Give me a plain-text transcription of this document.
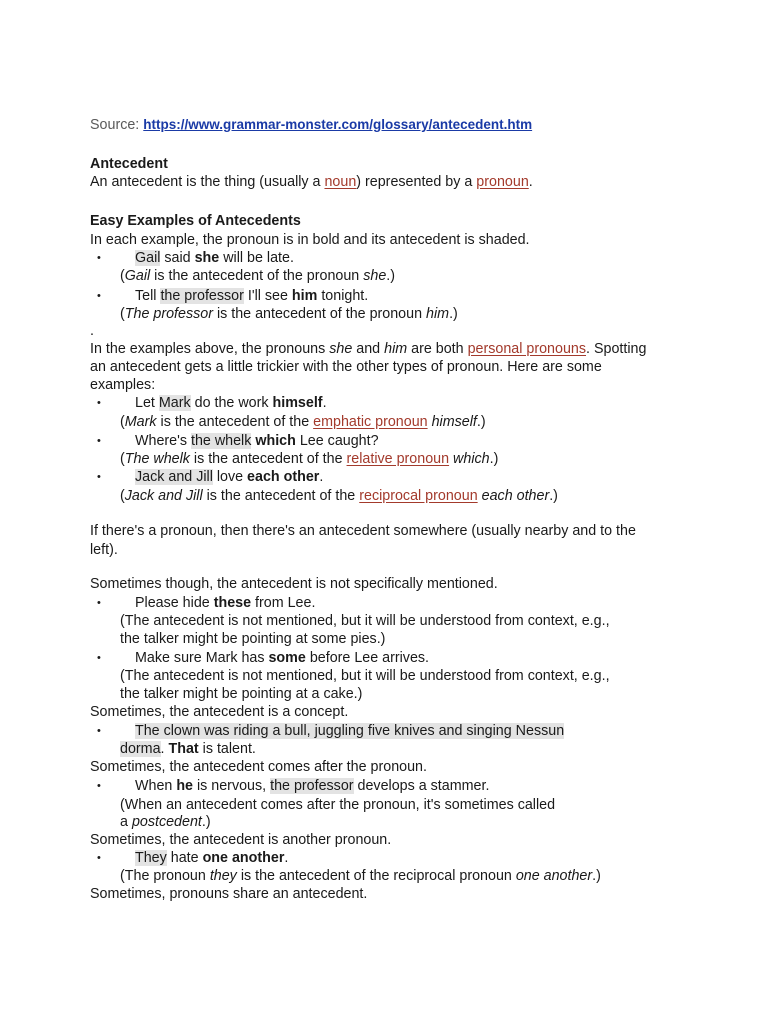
Source: https://www.grammar-monster.com/glossary/antecedent.htm
Antecedent
An antecedent is the thing (usually a noun) represented by a pronoun.
Easy Examples of Antecedents
In each example, the pronoun is in bold and its antecedent is shaded.
• Gail said she will be late.
(Gail is the antecedent of the pronoun she.)
• Tell the professor I'll see him tonight.
(The professor is the antecedent of the pronoun him.)
.
In the examples above, the pronouns she and him are both personal pronouns. Spotting
an antecedent gets a little trickier with the other types of pronoun. Here are some
examples:
• Let Mark do the work himself.
(Mark is the antecedent of the emphatic pronoun himself.)
• Where's the whelk which Lee caught?
(The whelk is the antecedent of the relative pronoun which.)
• Jack and Jill love each other.
(Jack and Jill is the antecedent of the reciprocal pronoun each other.)
If there's a pronoun, then there's an antecedent somewhere (usually nearby and to the
left).
Sometimes though, the antecedent is not specifically mentioned.
• Please hide these from Lee.
(The antecedent is not mentioned, but it will be understood from context, e.g.,
the talker might be pointing at some pies.)
• Make sure Mark has some before Lee arrives.
(The antecedent is not mentioned, but it will be understood from context, e.g.,
the talker might be pointing at a cake.)
Sometimes, the antecedent is a concept.
• The clown was riding a bull, juggling five knives and singing Nessun
dorma. That is talent.
Sometimes, the antecedent comes after the pronoun.
• When he is nervous, the professor develops a stammer.
(When an antecedent comes after the pronoun, it's sometimes called
a postcedent.)
Sometimes, the antecedent is another pronoun.
• They hate one another.
(The pronoun they is the antecedent of the reciprocal pronoun one another.)
Sometimes, pronouns share an antecedent.
